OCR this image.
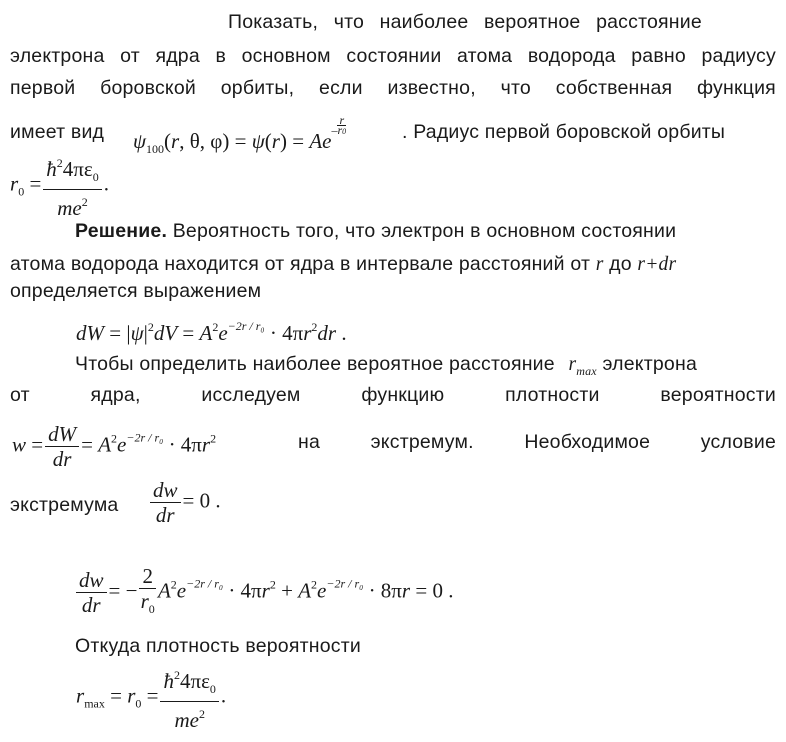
Показать, что наиболее вероятное расстояние
электрона от ядра в основном состоянии атома водорода равно радиусу
первой боровской орбиты, если известно, что собственная функция
имеет вид $\psi_{100}(r$, θ, $\varphi) = \psi(r) = Ae- \frac{r}{r0}$	. Радиус первой боровской орбиты
$r_0 = \frac{ħ^24\pi\varepsilon_0}{me^2}$ .
Решение. Вероятность того, что электрон в основном состоянии
атома водорода находится от ядра в интервале расстояний от r до r+dr
определяется выражением
dW = $|\psi|^2dV = A^2e^{-2r / r_0} \cdot 4\pi r^2dr$ .
Чтобы определить наиболее вероятное расстояние $r_{max}$ электрона
от	ядра,	исследуем	функцию	плотности	вероятности
$w = \frac{dW}{dr} = A^2e^{-2r / r_0} \cdot 4\pi r^2$	на	экстремум.	Необходимое	условие
экстремума $\frac{dw}{dr} = 0$ .
$\frac{dw}{dr}$ = − $\frac{2}{r_0} A^2e^{-2r / r_0} \cdot 4\pi r^2 + A^2e^{-2r / r_0} \cdot 8\pi r = 0$ .
Откуда плотность вероятности
$r_{max} = r_0 = \frac{ħ^24\pi\varepsilon_0}{me^2}$ .
